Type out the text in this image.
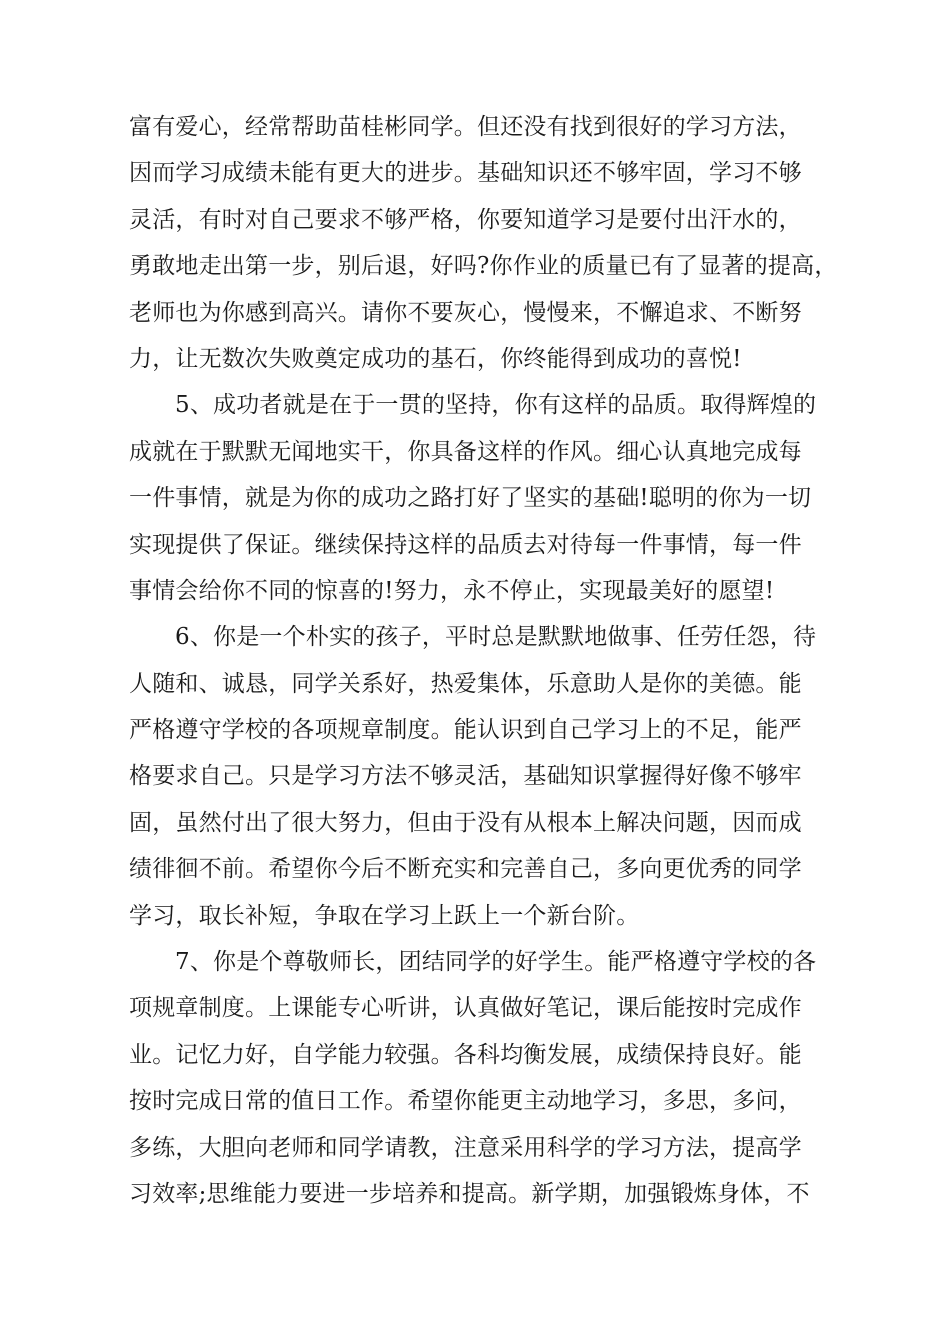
富有爱心，经常帮助苗桂彬同学。但还没有找到很好的学习方法，
因而学习成绩未能有更大的进步。基础知识还不够牢固，学习不够
灵活，有时对自己要求不够严格，你要知道学习是要付出汗水的，
勇敢地走出第一步，别后退，好吗?你作业的质量已有了显著的提高，
老师也为你感到高兴。请你不要灰心，慢慢来，不懈追求、不断努
力，让无数次失败奠定成功的基石，你终能得到成功的喜悦!
5、成功者就是在于一贯的坚持，你有这样的品质。取得辉煌的
成就在于默默无闻地实干，你具备这样的作风。细心认真地完成每
一件事情，就是为你的成功之路打好了坚实的基础!聪明的你为一切
实现提供了保证。继续保持这样的品质去对待每一件事情，每一件
事情会给你不同的惊喜的!努力，永不停止，实现最美好的愿望!
6、你是一个朴实的孩子，平时总是默默地做事、任劳任怨，待
人随和、诚恳，同学关系好，热爱集体，乐意助人是你的美德。能
严格遵守学校的各项规章制度。能认识到自己学习上的不足，能严
格要求自己。只是学习方法不够灵活，基础知识掌握得好像不够牢
固，虽然付出了很大努力，但由于没有从根本上解决问题，因而成
绩徘徊不前。希望你今后不断充实和完善自己，多向更优秀的同学
学习，取长补短，争取在学习上跃上一个新台阶。
7、你是个尊敬师长，团结同学的好学生。能严格遵守学校的各
项规章制度。上课能专心听讲，认真做好笔记，课后能按时完成作
业。记忆力好，自学能力较强。各科均衡发展，成绩保持良好。能
按时完成日常的值日工作。希望你能更主动地学习，多思，多问，
多练，大胆向老师和同学请教，注意采用科学的学习方法，提高学
习效率;思维能力要进一步培养和提高。新学期，加强锻炼身体，不
